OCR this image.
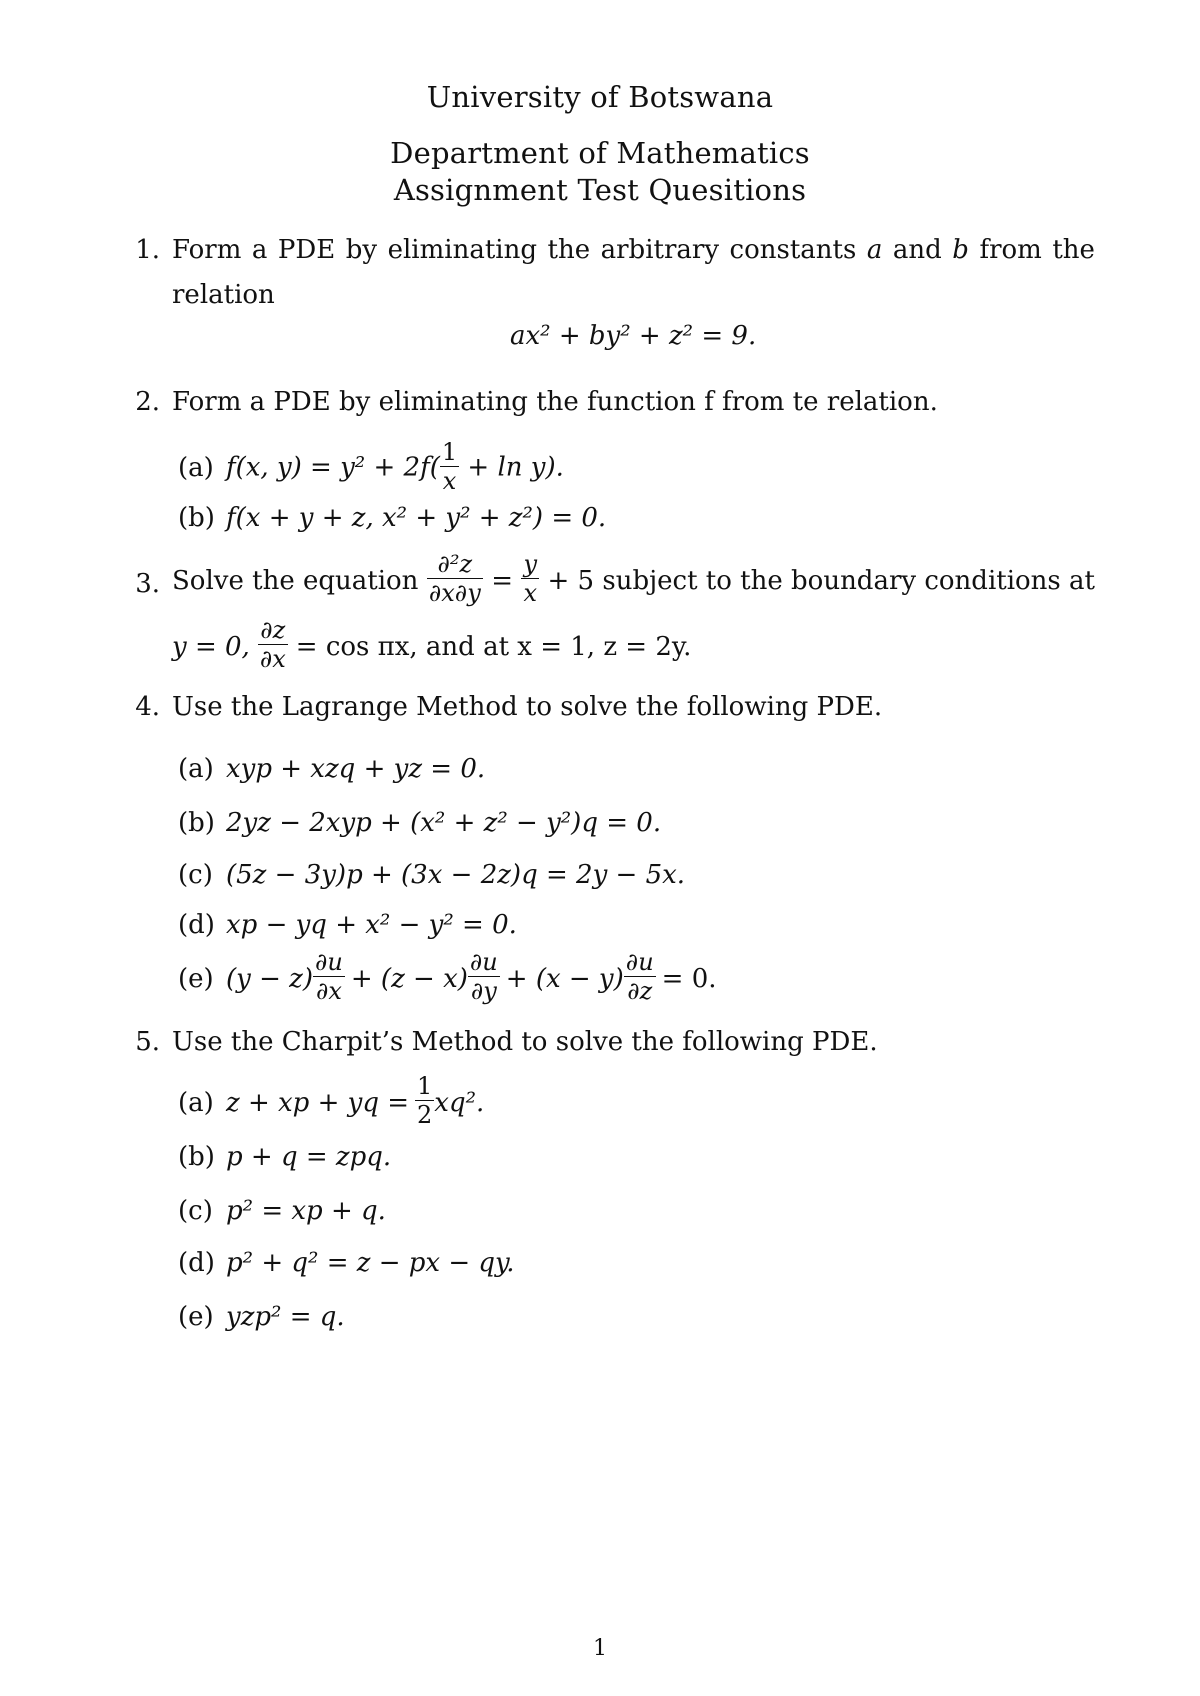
University of Botswana
Department of Mathematics
Assignment Test Quesitions
1. Form a PDE by eliminating the arbitrary constants a and b from the
relation
ax² + by² + z² = 9.
2. Form a PDE by eliminating the function f from te relation.
(a) f(x, $y) = y^2 + 2f( \frac{1}{x} + \ln y)$.
(b) f(x + y + z, x² + y² + z²) = 0.
3. Solve the equation $\frac{\text{∂²z}}{\partial x\partial y} = \frac{y}{x} + 5$ subject to the boundary conditions at
y = 0, $\frac{\partial z}{\partial x} = \cos \pi x$, and at x = 1, z = 2y.
4. Use the Lagrange Method to solve the following PDE.
(a) xyp + xzq + yz = 0.
(b) 2yz − 2xyp + (x² + z² − y²)q = 0.
(c) (5z − 3y)p + (3x − 2z)q = 2y − 5x.
(d) xp − yq + x² − y² = 0.
(e) $(y - z) \frac{\partial u}{\partial x} + (z - x) \frac{\partial u}{\partial y} + (x - y) \frac{\partial u}{\partial z} = 0$.
5. Use the Charpit’s Method to solve the following PDE.
(a) z + xp + yq = $\frac{1}{2} xq^2$.
(b) p + q = zpq.
(c) p² = xp + q.
(d) p² + q² = z − px − qy.
(e) yzp² = q.
1
